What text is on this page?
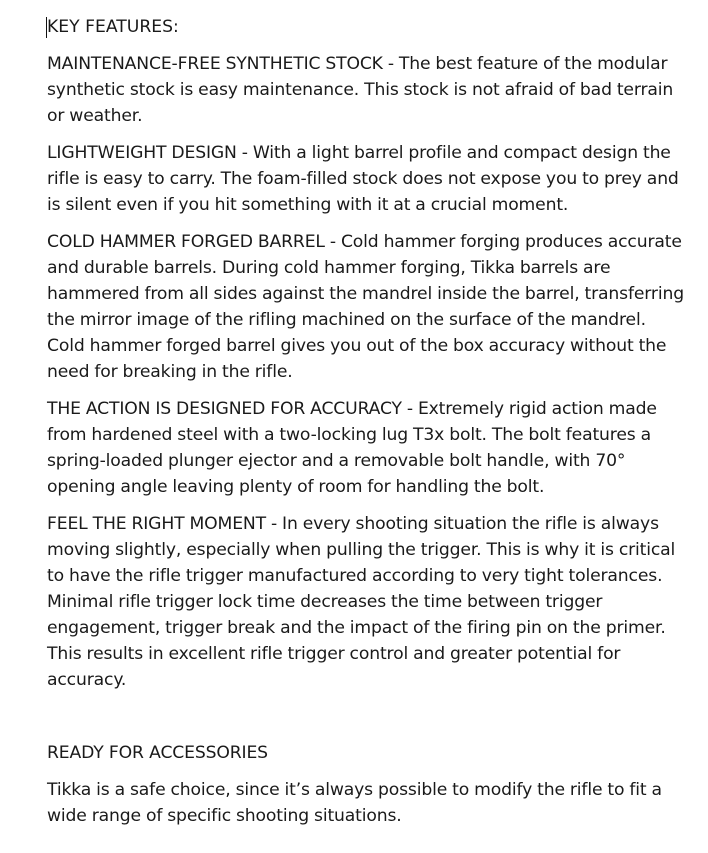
KEY FEATURES:

MAINTENANCE-FREE SYNTHETIC STOCK - The best feature of the modular synthetic stock is easy maintenance. This stock is not afraid of bad terrain or weather.

LIGHTWEIGHT DESIGN - With a light barrel profile and compact design the rifle is easy to carry. The foam-filled stock does not expose you to prey and is silent even if you hit something with it at a crucial moment.

COLD HAMMER FORGED BARREL - Cold hammer forging produces accurate and durable barrels. During cold hammer forging, Tikka barrels are hammered from all sides against the mandrel inside the barrel, transferring the mirror image of the rifling machined on the surface of the mandrel. Cold hammer forged barrel gives you out of the box accuracy without the need for breaking in the rifle.

THE ACTION IS DESIGNED FOR ACCURACY - Extremely rigid action made from hardened steel with a two-locking lug T3x bolt. The bolt features a spring-loaded plunger ejector and a removable bolt handle, with 70° opening angle leaving plenty of room for handling the bolt.

FEEL THE RIGHT MOMENT - In every shooting situation the rifle is always moving slightly, especially when pulling the trigger. This is why it is critical to have the rifle trigger manufactured according to very tight tolerances. Minimal rifle trigger lock time decreases the time between trigger engagement, trigger break and the impact of the firing pin on the primer. This results in excellent rifle trigger control and greater potential for accuracy.

READY FOR ACCESSORIES

Tikka is a safe choice, since it’s always possible to modify the rifle to fit a wide range of specific shooting situations.
